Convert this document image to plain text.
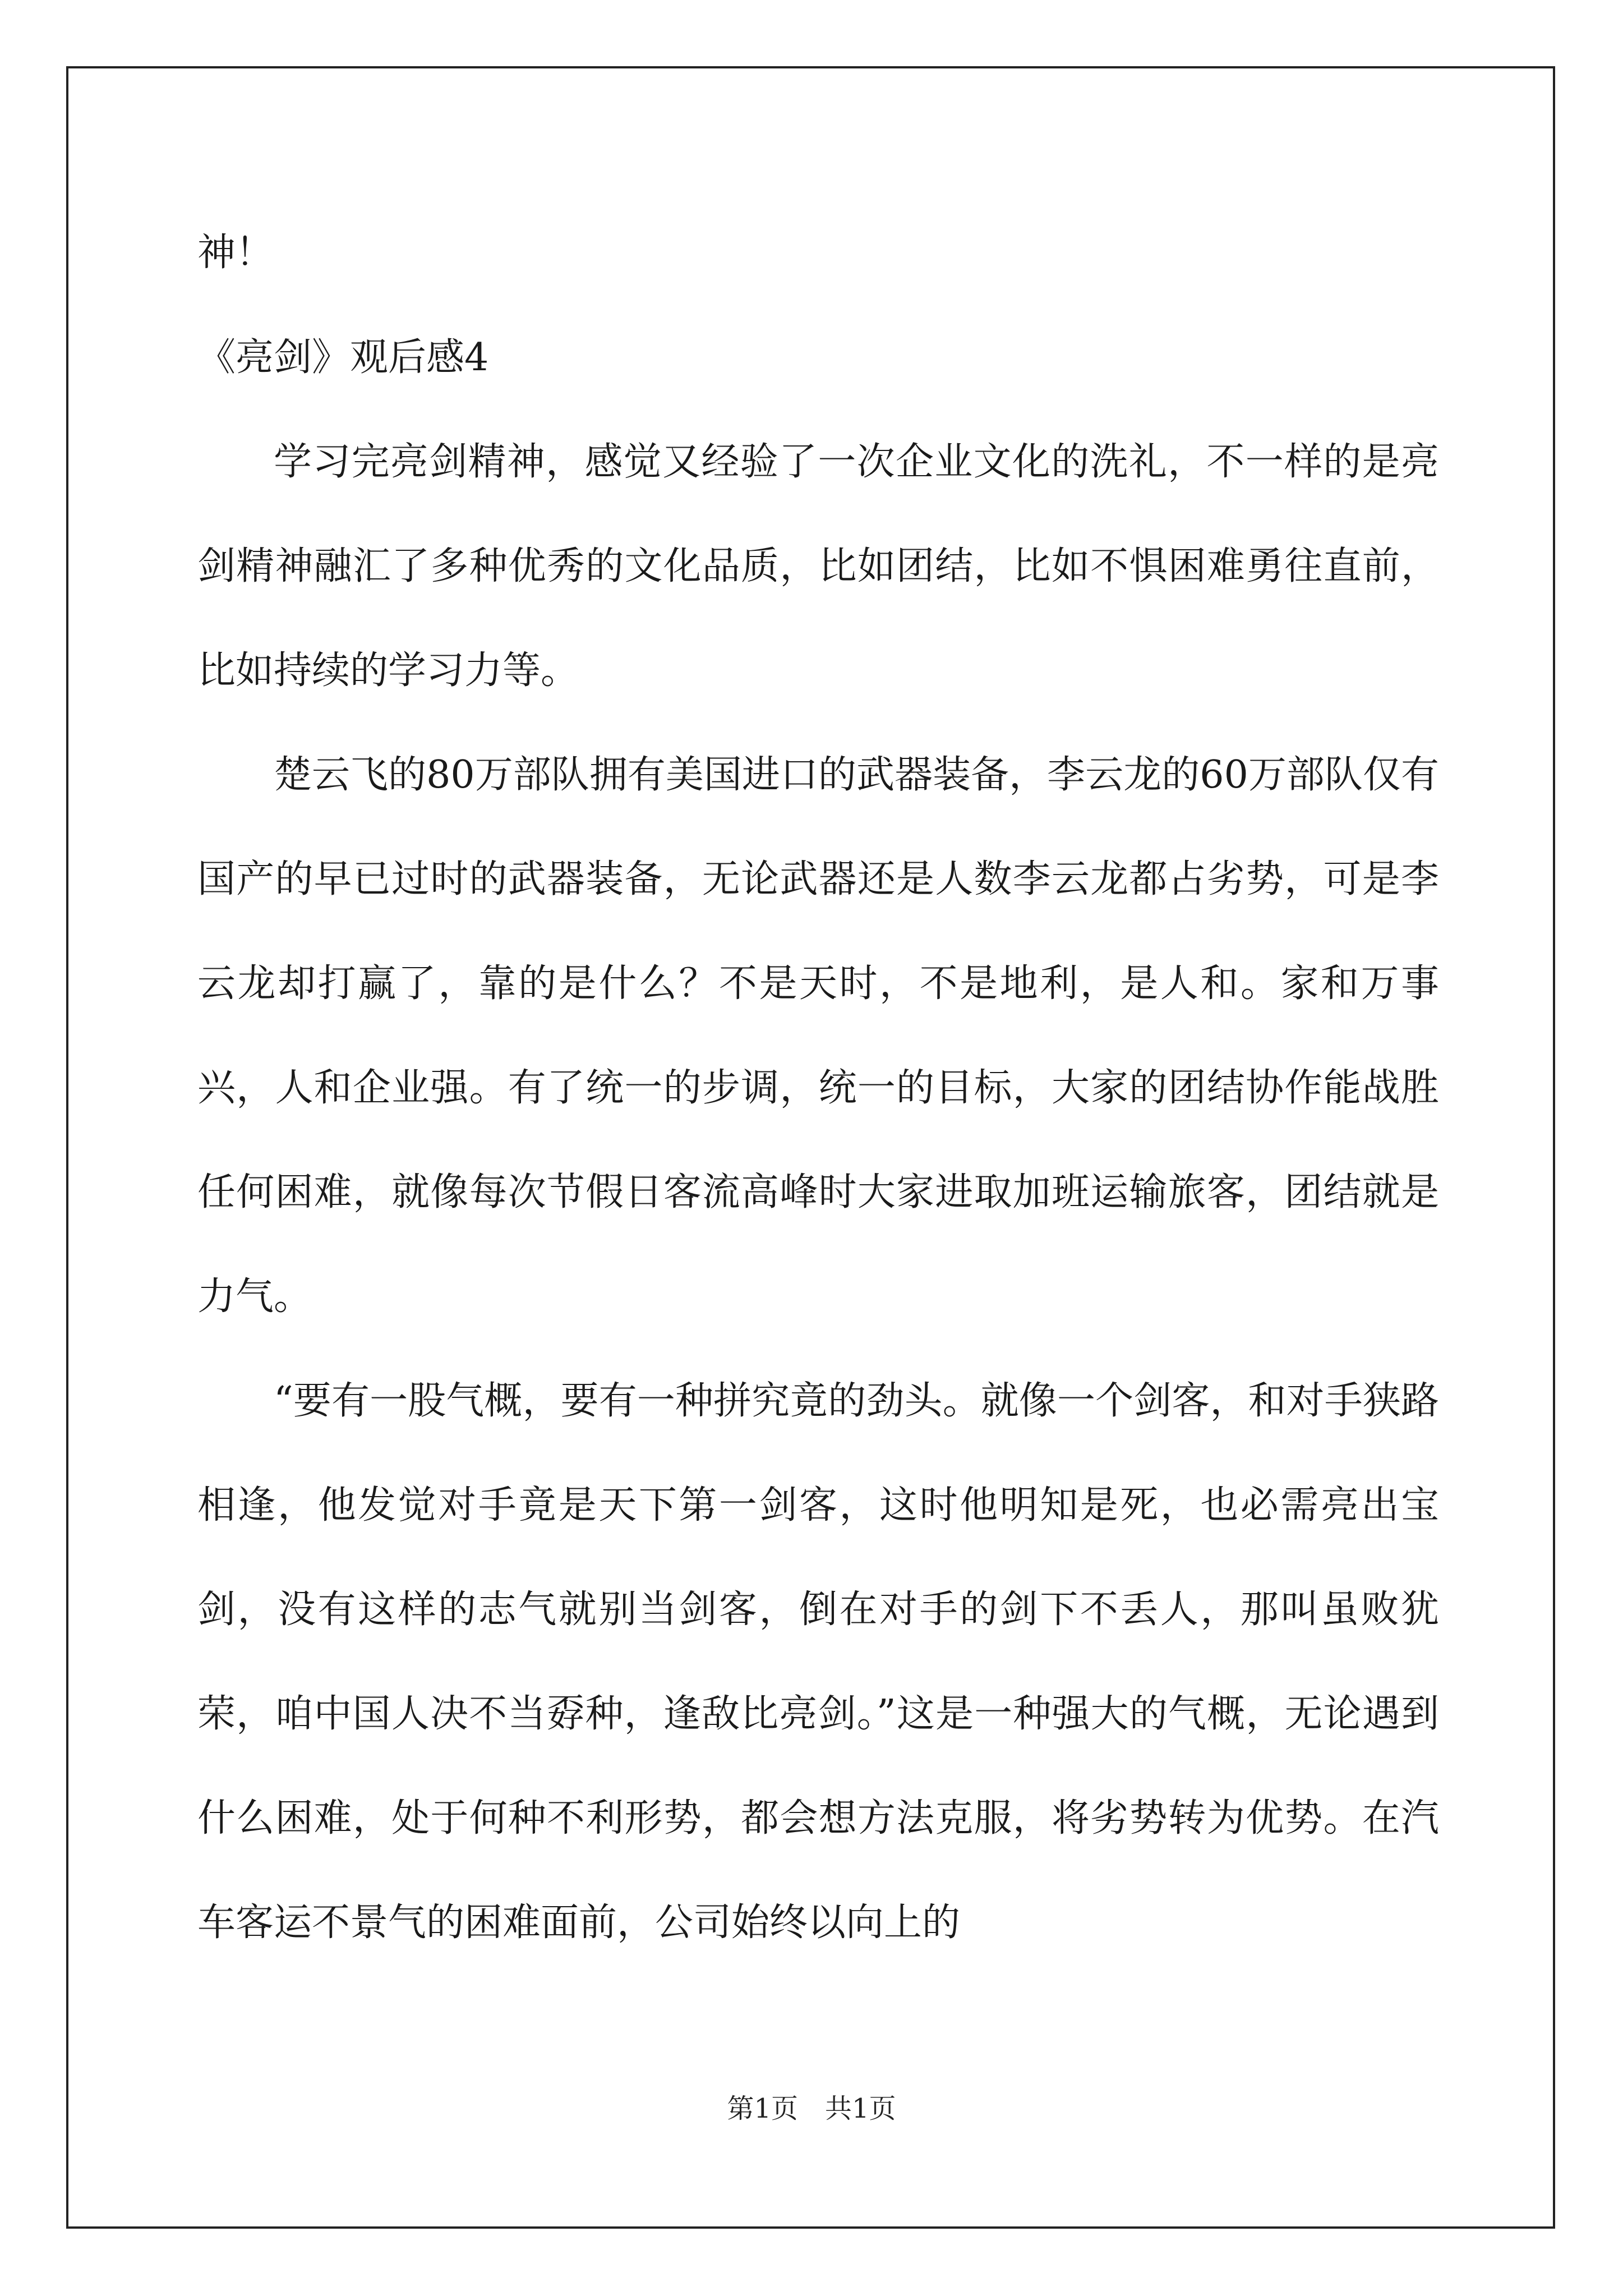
神！
《亮剑》观后感4

学习完亮剑精神，感觉又经验了一次企业文化的洗礼，不一样的是亮剑精神融汇了多种优秀的文化品质，比如团结，比如不惧困难勇往直前，比如持续的学习力等。

楚云飞的80万部队拥有美国进口的武器装备，李云龙的60万部队仅有国产的早已过时的武器装备，无论武器还是人数李云龙都占劣势，可是李云龙却打赢了，靠的是什么？不是天时，不是地利，是人和。家和万事兴，人和企业强。有了统一的步调，统一的目标，大家的团结协作能战胜任何困难，就像每次节假日客流高峰时大家进取加班运输旅客，团结就是力气。

“要有一股气概，要有一种拼究竟的劲头。就像一个剑客，和对手狭路相逢，他发觉对手竟是天下第一剑客，这时他明知是死，也必需亮出宝剑，没有这样的志气就别当剑客，倒在对手的剑下不丢人，那叫虽败犹荣，咱中国人决不当孬种，逢敌比亮剑。”这是一种强大的气概，无论遇到什么困难，处于何种不利形势，都会想方法克服，将劣势转为优势。在汽车客运不景气的困难面前，公司始终以向上的

第1页　共1页
